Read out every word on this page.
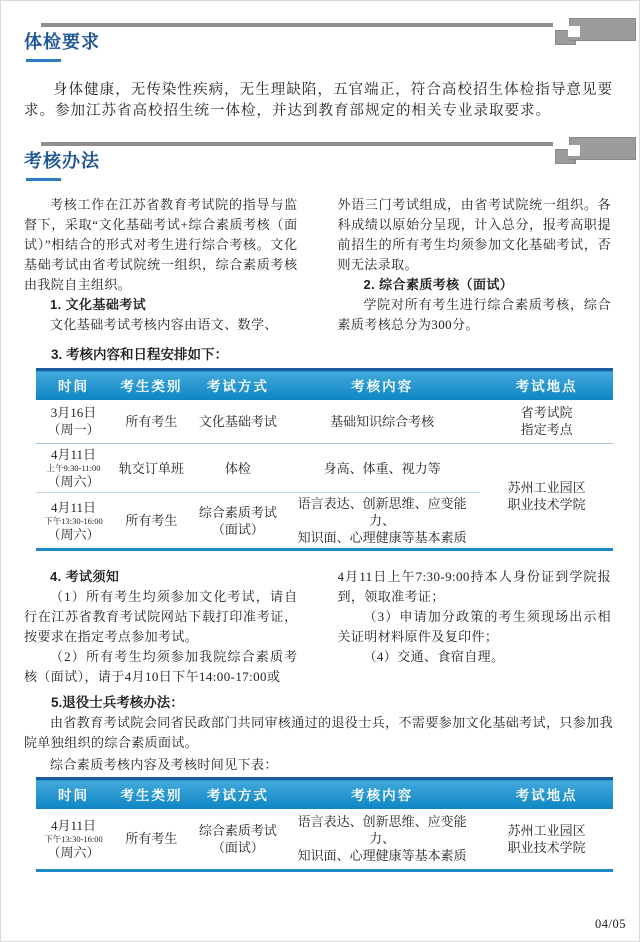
体检要求

身体健康，无传染性疾病，无生理缺陷，五官端正，符合高校招生体检指导意见要求。参加江苏省高校招生统一体检，并达到教育部规定的相关专业录取要求。

考核办法

考核工作在江苏省教育考试院的指导与监督下，采取“文化基础考试+综合素质考核（面试）”相结合的形式对考生进行综合考核。文化基础考试由省考试院统一组织，综合素质考核由我院自主组织。

1. 文化基础考试

文化基础考试考核内容由语文、数学、

外语三门考试组成，由省考试院统一组织。各科成绩以原始分呈现，计入总分，报考高职提前招生的所有考生均须参加文化基础考试，否则无法录取。

2. 综合素质考核（面试）

学院对所有考生进行综合素质考核，综合素质考核总分为300分。

3. 考核内容和日程安排如下：

时间	考生类别	考试方式	考核内容	考试地点

3月16日
（周一）	所有考生	文化基础考试	基础知识综合考核	省考试院
指定考点

4月11日
上午9:30-11:00
（周六）	轨交订单班	体检	身高、体重、视力等	苏州工业园区
职业技术学院

4月11日
下午13:30-16:00
（周六）	所有考生	综合素质考试
（面试）	语言表达、创新思维、应变能力、
知识面、心理健康等基本素质	

4. 考试须知

（1）所有考生均须参加文化考试，请自行在江苏省教育考试院网站下载打印准考证，按要求在指定考点参加考试。

（2）所有考生均须参加我院综合素质考核（面试），请于4月10日下午14:00-17:00或

4月11日上午7:30-9:00持本人身份证到学院报到，领取准考证；

（3）申请加分政策的考生须现场出示相关证明材料原件及复印件；

（4）交通、食宿自理。

5.退役士兵考核办法：

由省教育考试院会同省民政部门共同审核通过的退役士兵，不需要参加文化基础考试，只参加我院单独组织的综合素质面试。

综合素质考核内容及考核时间见下表：

时间	考生类别	考试方式	考核内容	考试地点

4月11日
下午13:30-16:00
（周六）	所有考生	综合素质考试
（面试）	语言表达、创新思维、应变能力、
知识面、心理健康等基本素质	苏州工业园区
职业技术学院
04/05
